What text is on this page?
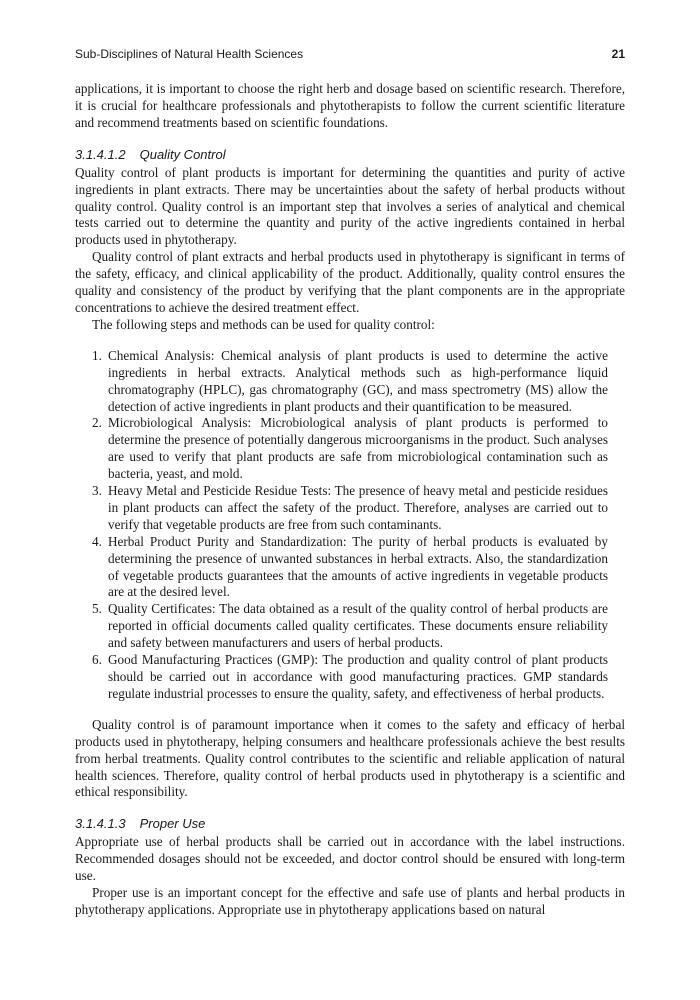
Sub-Disciplines of Natural Health Sciences	21

applications, it is important to choose the right herb and dosage based on scientific research. Therefore, it is crucial for healthcare professionals and phytotherapists to follow the current scientific literature and recommend treatments based on scientific foundations.

3.1.4.1.2 Quality Control

Quality control of plant products is important for determining the quantities and purity of active ingredients in plant extracts. There may be uncertainties about the safety of herbal products without quality control. Quality control is an important step that involves a series of analytical and chemical tests carried out to determine the quantity and purity of the active ingredients contained in herbal products used in phytotherapy.

Quality control of plant extracts and herbal products used in phytotherapy is significant in terms of the safety, efficacy, and clinical applicability of the product. Additionally, quality control ensures the quality and consistency of the product by verifying that the plant components are in the appropriate concentrations to achieve the desired treatment effect.

The following steps and methods can be used for quality control:

1. Chemical Analysis: Chemical analysis of plant products is used to determine the active ingredients in herbal extracts. Analytical methods such as high-performance liquid chromatography (HPLC), gas chromatography (GC), and mass spectrometry (MS) allow the detection of active ingredients in plant products and their quantification to be measured.
2. Microbiological Analysis: Microbiological analysis of plant products is performed to determine the presence of potentially dangerous microorganisms in the product. Such analyses are used to verify that plant products are safe from microbiological contamination such as bacteria, yeast, and mold.
3. Heavy Metal and Pesticide Residue Tests: The presence of heavy metal and pesticide residues in plant products can affect the safety of the product. Therefore, analyses are carried out to verify that vegetable products are free from such contaminants.
4. Herbal Product Purity and Standardization: The purity of herbal products is evaluated by determining the presence of unwanted substances in herbal extracts. Also, the standardization of vegetable products guarantees that the amounts of active ingredients in vegetable products are at the desired level.
5. Quality Certificates: The data obtained as a result of the quality control of herbal products are reported in official documents called quality certificates. These documents ensure reliability and safety between manufacturers and users of herbal products.
6. Good Manufacturing Practices (GMP): The production and quality control of plant products should be carried out in accordance with good manufacturing practices. GMP standards regulate industrial processes to ensure the quality, safety, and effectiveness of herbal products.

Quality control is of paramount importance when it comes to the safety and efficacy of herbal products used in phytotherapy, helping consumers and healthcare professionals achieve the best results from herbal treatments. Quality control contributes to the scientific and reliable application of natural health sciences. Therefore, quality control of herbal products used in phytotherapy is a scientific and ethical responsibility.

3.1.4.1.3 Proper Use

Appropriate use of herbal products shall be carried out in accordance with the label instructions. Recommended dosages should not be exceeded, and doctor control should be ensured with long-term use.

Proper use is an important concept for the effective and safe use of plants and herbal products in phytotherapy applications. Appropriate use in phytotherapy applications based on natural
